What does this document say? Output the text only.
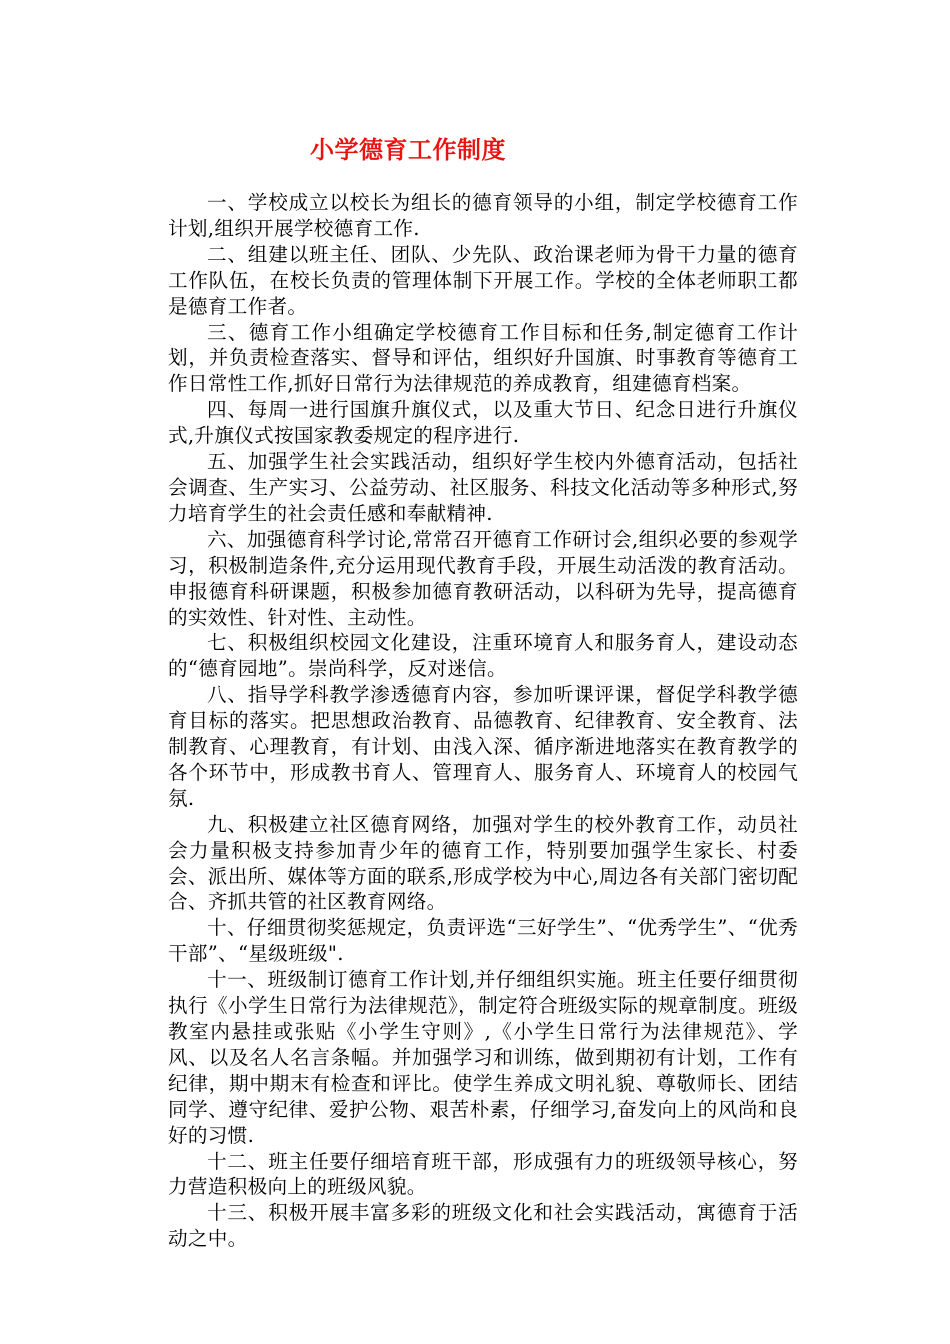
小学德育工作制度

一、学校成立以校长为组长的德育领导的小组，制定学校德育工作计划,组织开展学校德育工作.

二、组建以班主任、团队、少先队、政治课老师为骨干力量的德育工作队伍，在校长负责的管理体制下开展工作。学校的全体老师职工都是德育工作者。

三、德育工作小组确定学校德育工作目标和任务,制定德育工作计划，并负责检查落实、督导和评估，组织好升国旗、时事教育等德育工作日常性工作,抓好日常行为法律规范的养成教育，组建德育档案。

四、每周一进行国旗升旗仪式，以及重大节日、纪念日进行升旗仪式,升旗仪式按国家教委规定的程序进行.

五、加强学生社会实践活动，组织好学生校内外德育活动，包括社会调查、生产实习、公益劳动、社区服务、科技文化活动等多种形式,努力培育学生的社会责任感和奉献精神.

六、加强德育科学讨论,常常召开德育工作研讨会,组织必要的参观学习，积极制造条件,充分运用现代教育手段，开展生动活泼的教育活动。申报德育科研课题，积极参加德育教研活动，以科研为先导，提高德育的实效性、针对性、主动性。

七、积极组织校园文化建设，注重环境育人和服务育人，建设动态的“德育园地”。崇尚科学，反对迷信。

八、指导学科教学渗透德育内容，参加听课评课，督促学科教学德育目标的落实。把思想政治教育、品德教育、纪律教育、安全教育、法制教育、心理教育，有计划、由浅入深、循序渐进地落实在教育教学的各个环节中，形成教书育人、管理育人、服务育人、环境育人的校园气氛.

九、积极建立社区德育网络，加强对学生的校外教育工作，动员社会力量积极支持参加青少年的德育工作，特别要加强学生家长、村委会、派出所、媒体等方面的联系,形成学校为中心,周边各有关部门密切配合、齐抓共管的社区教育网络。

十、仔细贯彻奖惩规定，负责评选“三好学生”、“优秀学生”、“优秀干部”、“星级班级".

十一、班级制订德育工作计划,并仔细组织实施。班主任要仔细贯彻执行《小学生日常行为法律规范》，制定符合班级实际的规章制度。班级教室内悬挂或张贴《小学生守则》,《小学生日常行为法律规范》、学风、以及名人名言条幅。并加强学习和训练，做到期初有计划，工作有纪律，期中期末有检查和评比。使学生养成文明礼貌、尊敬师长、团结同学、遵守纪律、爱护公物、艰苦朴素，仔细学习,奋发向上的风尚和良好的习惯.

十二、班主任要仔细培育班干部，形成强有力的班级领导核心，努力营造积极向上的班级风貌。

十三、积极开展丰富多彩的班级文化和社会实践活动，寓德育于活动之中。
